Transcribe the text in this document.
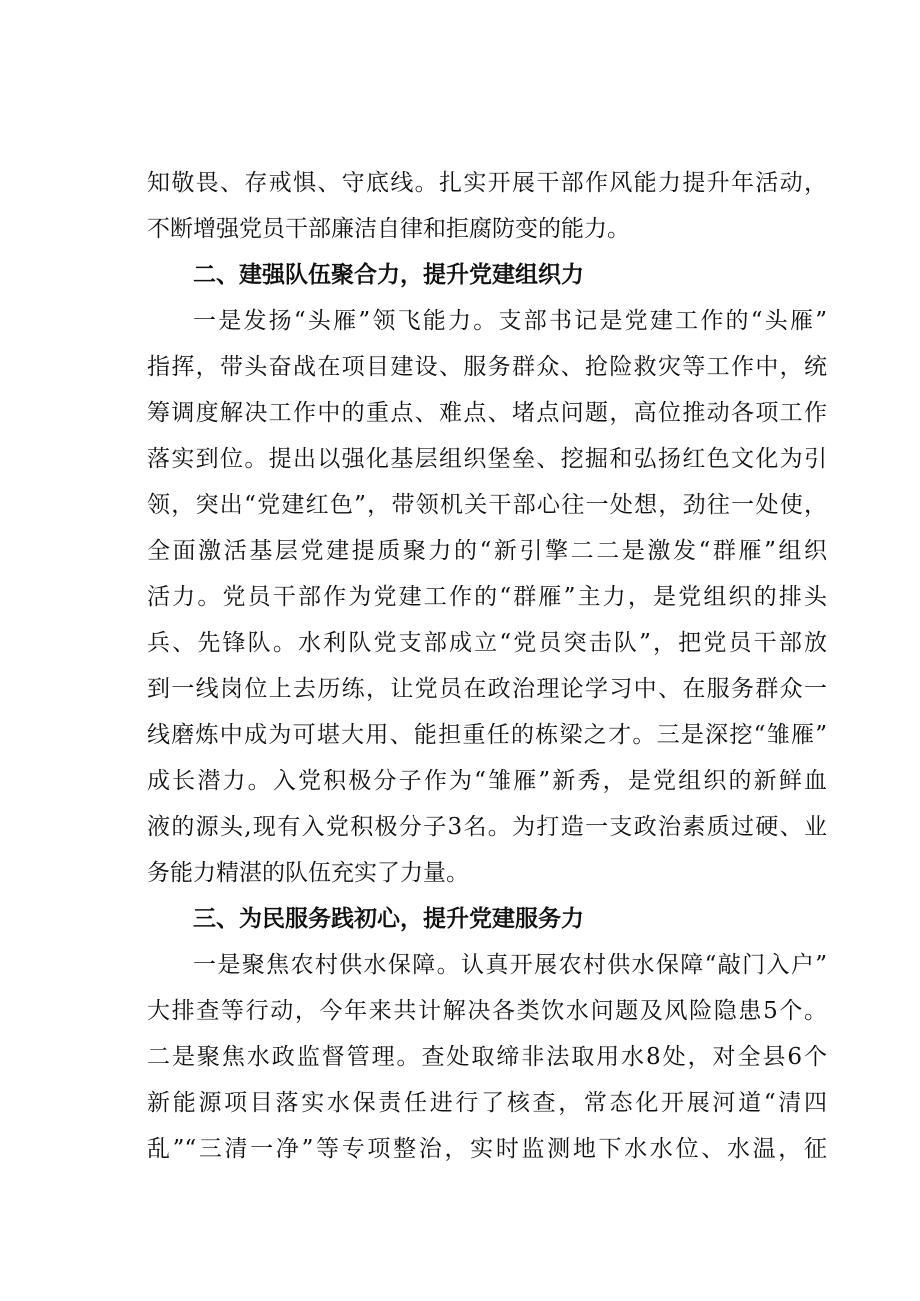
知敬畏、存戒惧、守底线。扎实开展干部作风能力提升年活动，
不断增强党员干部廉洁自律和拒腐防变的能力。
二、建强队伍聚合力，提升党建组织力
一是发扬“头雁”领飞能力。支部书记是党建工作的“头雁”
指挥，带头奋战在项目建设、服务群众、抢险救灾等工作中，统
筹调度解决工作中的重点、难点、堵点问题，高位推动各项工作
落实到位。提出以强化基层组织堡垒、挖掘和弘扬红色文化为引
领，突出“党建红色”，带领机关干部心往一处想，劲往一处使，
全面激活基层党建提质聚力的“新引擎二二是激发“群雁”组织
活力。党员干部作为党建工作的“群雁”主力，是党组织的排头
兵、先锋队。水利队党支部成立“党员突击队”，把党员干部放
到一线岗位上去历练，让党员在政治理论学习中、在服务群众一
线磨炼中成为可堪大用、能担重任的栋梁之才。三是深挖“雏雁”
成长潜力。入党积极分子作为“雏雁”新秀，是党组织的新鲜血
液的源头,现有入党积极分子3名。为打造一支政治素质过硬、业
务能力精湛的队伍充实了力量。
三、为民服务践初心，提升党建服务力
一是聚焦农村供水保障。认真开展农村供水保障“敲门入户”
大排查等行动，今年来共计解决各类饮水问题及风险隐患5个。
二是聚焦水政监督管理。查处取缔非法取用水8处，对全县6个
新能源项目落实水保责任进行了核查，常态化开展河道“清四
乱”“三清一净”等专项整治，实时监测地下水水位、水温，征
